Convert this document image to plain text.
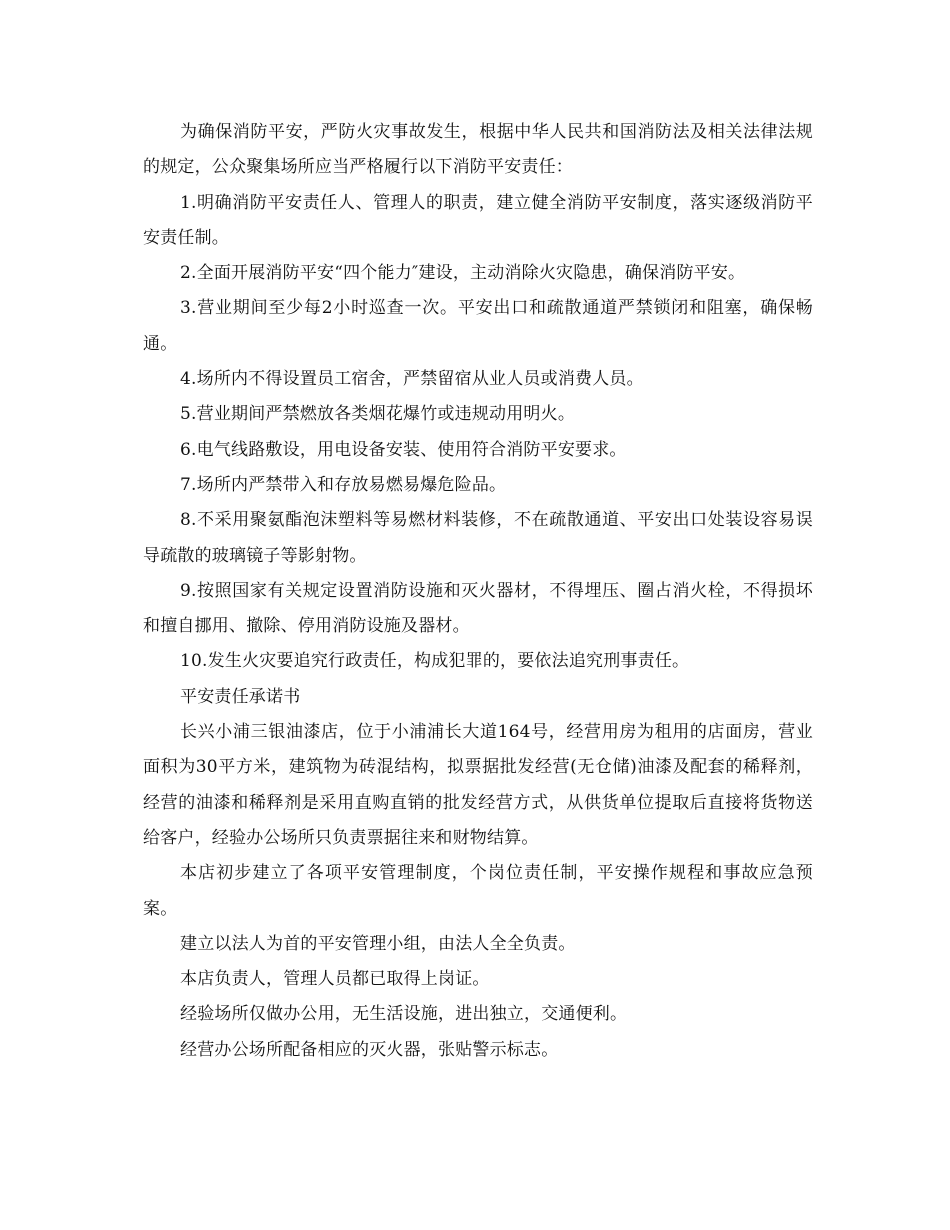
为确保消防平安，严防火灾事故发生，根据中华人民共和国消防法及相关法律法规的规定，公众聚集场所应当严格履行以下消防平安责任：

1.明确消防平安责任人、管理人的职责，建立健全消防平安制度，落实逐级消防平安责任制。

2.全面开展消防平安“四个能力″建设，主动消除火灾隐患，确保消防平安。

3.营业期间至少每2小时巡查一次。平安出口和疏散通道严禁锁闭和阻塞，确保畅通。

4.场所内不得设置员工宿舍，严禁留宿从业人员或消费人员。

5.营业期间严禁燃放各类烟花爆竹或违规动用明火。

6.电气线路敷设，用电设备安装、使用符合消防平安要求。

7.场所内严禁带入和存放易燃易爆危险品。

8.不采用聚氨酯泡沫塑料等易燃材料装修，不在疏散通道、平安出口处装设容易误导疏散的玻璃镜子等影射物。

9.按照国家有关规定设置消防设施和灭火器材，不得埋压、圈占消火栓，不得损坏和擅自挪用、撤除、停用消防设施及器材。

10.发生火灾要追究行政责任，构成犯罪的，要依法追究刑事责任。

平安责任承诺书

长兴小浦三银油漆店，位于小浦浦长大道164号，经营用房为租用的店面房，营业面积为30平方米，建筑物为砖混结构，拟票据批发经营(无仓储)油漆及配套的稀释剂，经营的油漆和稀释剂是采用直购直销的批发经营方式，从供货单位提取后直接将货物送给客户，经验办公场所只负责票据往来和财物结算。

本店初步建立了各项平安管理制度，个岗位责任制，平安操作规程和事故应急预案。

建立以法人为首的平安管理小组，由法人全全负责。

本店负责人，管理人员都已取得上岗证。

经验场所仅做办公用，无生活设施，进出独立，交通便利。

经营办公场所配备相应的灭火器，张贴警示标志。
